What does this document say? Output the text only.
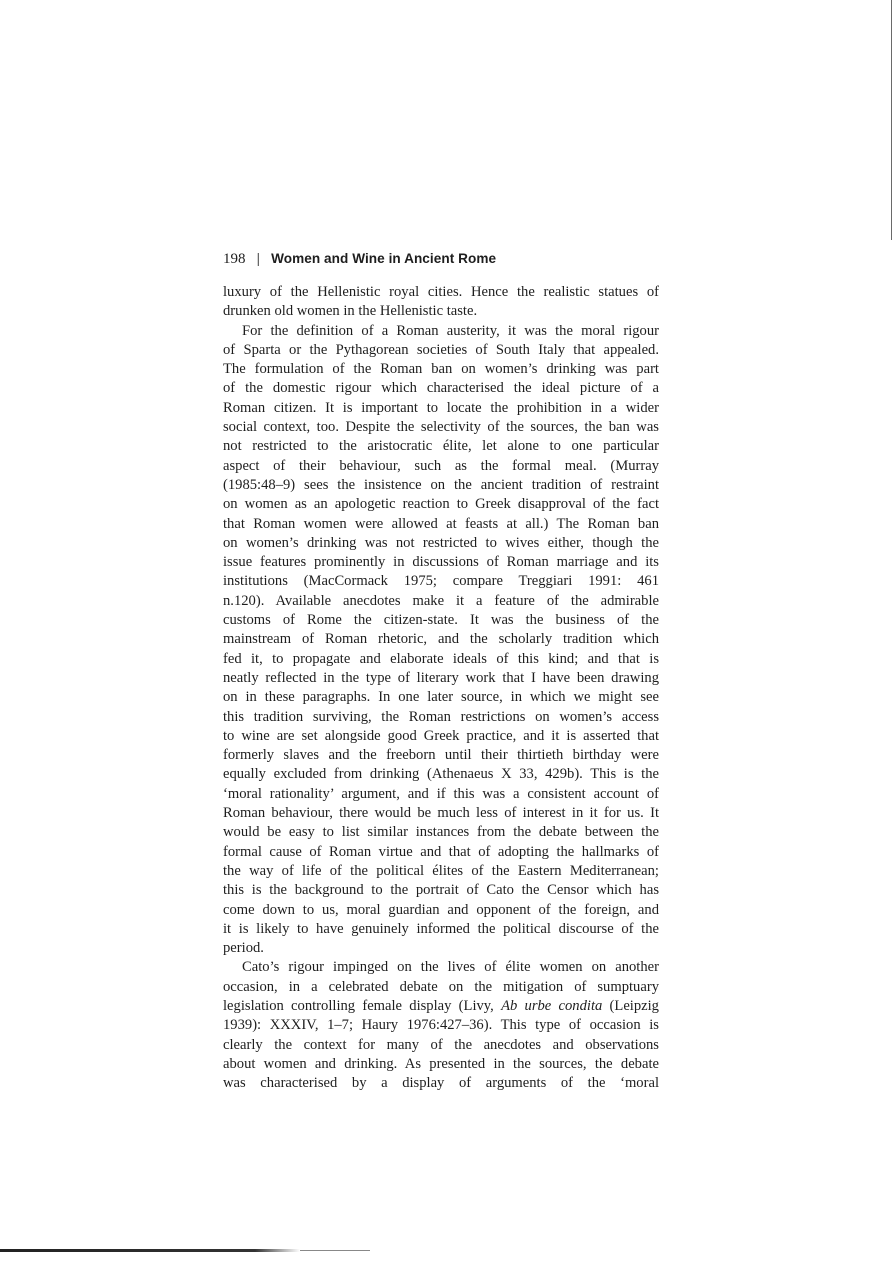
198 | Women and Wine in Ancient Rome
luxury of the Hellenistic royal cities. Hence the realistic statues of
drunken old women in the Hellenistic taste.
For the definition of a Roman austerity, it was the moral rigour
of Sparta or the Pythagorean societies of South Italy that appealed.
The formulation of the Roman ban on women’s drinking was part
of the domestic rigour which characterised the ideal picture of a
Roman citizen. It is important to locate the prohibition in a wider
social context, too. Despite the selectivity of the sources, the ban was
not restricted to the aristocratic élite, let alone to one particular
aspect of their behaviour, such as the formal meal. (Murray
(1985:48–9) sees the insistence on the ancient tradition of restraint
on women as an apologetic reaction to Greek disapproval of the fact
that Roman women were allowed at feasts at all.) The Roman ban
on women’s drinking was not restricted to wives either, though the
issue features prominently in discussions of Roman marriage and its
institutions (MacCormack 1975; compare Treggiari 1991: 461
n.120). Available anecdotes make it a feature of the admirable
customs of Rome the citizen-state. It was the business of the
mainstream of Roman rhetoric, and the scholarly tradition which
fed it, to propagate and elaborate ideals of this kind; and that is
neatly reflected in the type of literary work that I have been drawing
on in these paragraphs. In one later source, in which we might see
this tradition surviving, the Roman restrictions on women’s access
to wine are set alongside good Greek practice, and it is asserted that
formerly slaves and the freeborn until their thirtieth birthday were
equally excluded from drinking (Athenaeus X 33, 429b). This is the
‘moral rationality’ argument, and if this was a consistent account of
Roman behaviour, there would be much less of interest in it for us. It
would be easy to list similar instances from the debate between the
formal cause of Roman virtue and that of adopting the hallmarks of
the way of life of the political élites of the Eastern Mediterranean;
this is the background to the portrait of Cato the Censor which has
come down to us, moral guardian and opponent of the foreign, and
it is likely to have genuinely informed the political discourse of the
period.
Cato’s rigour impinged on the lives of élite women on another
occasion, in a celebrated debate on the mitigation of sumptuary
legislation controlling female display (Livy, Ab urbe condita (Leipzig
1939): XXXIV, 1–7; Haury 1976:427–36). This type of occasion is
clearly the context for many of the anecdotes and observations
about women and drinking. As presented in the sources, the debate
was characterised by a display of arguments of the ‘moral
